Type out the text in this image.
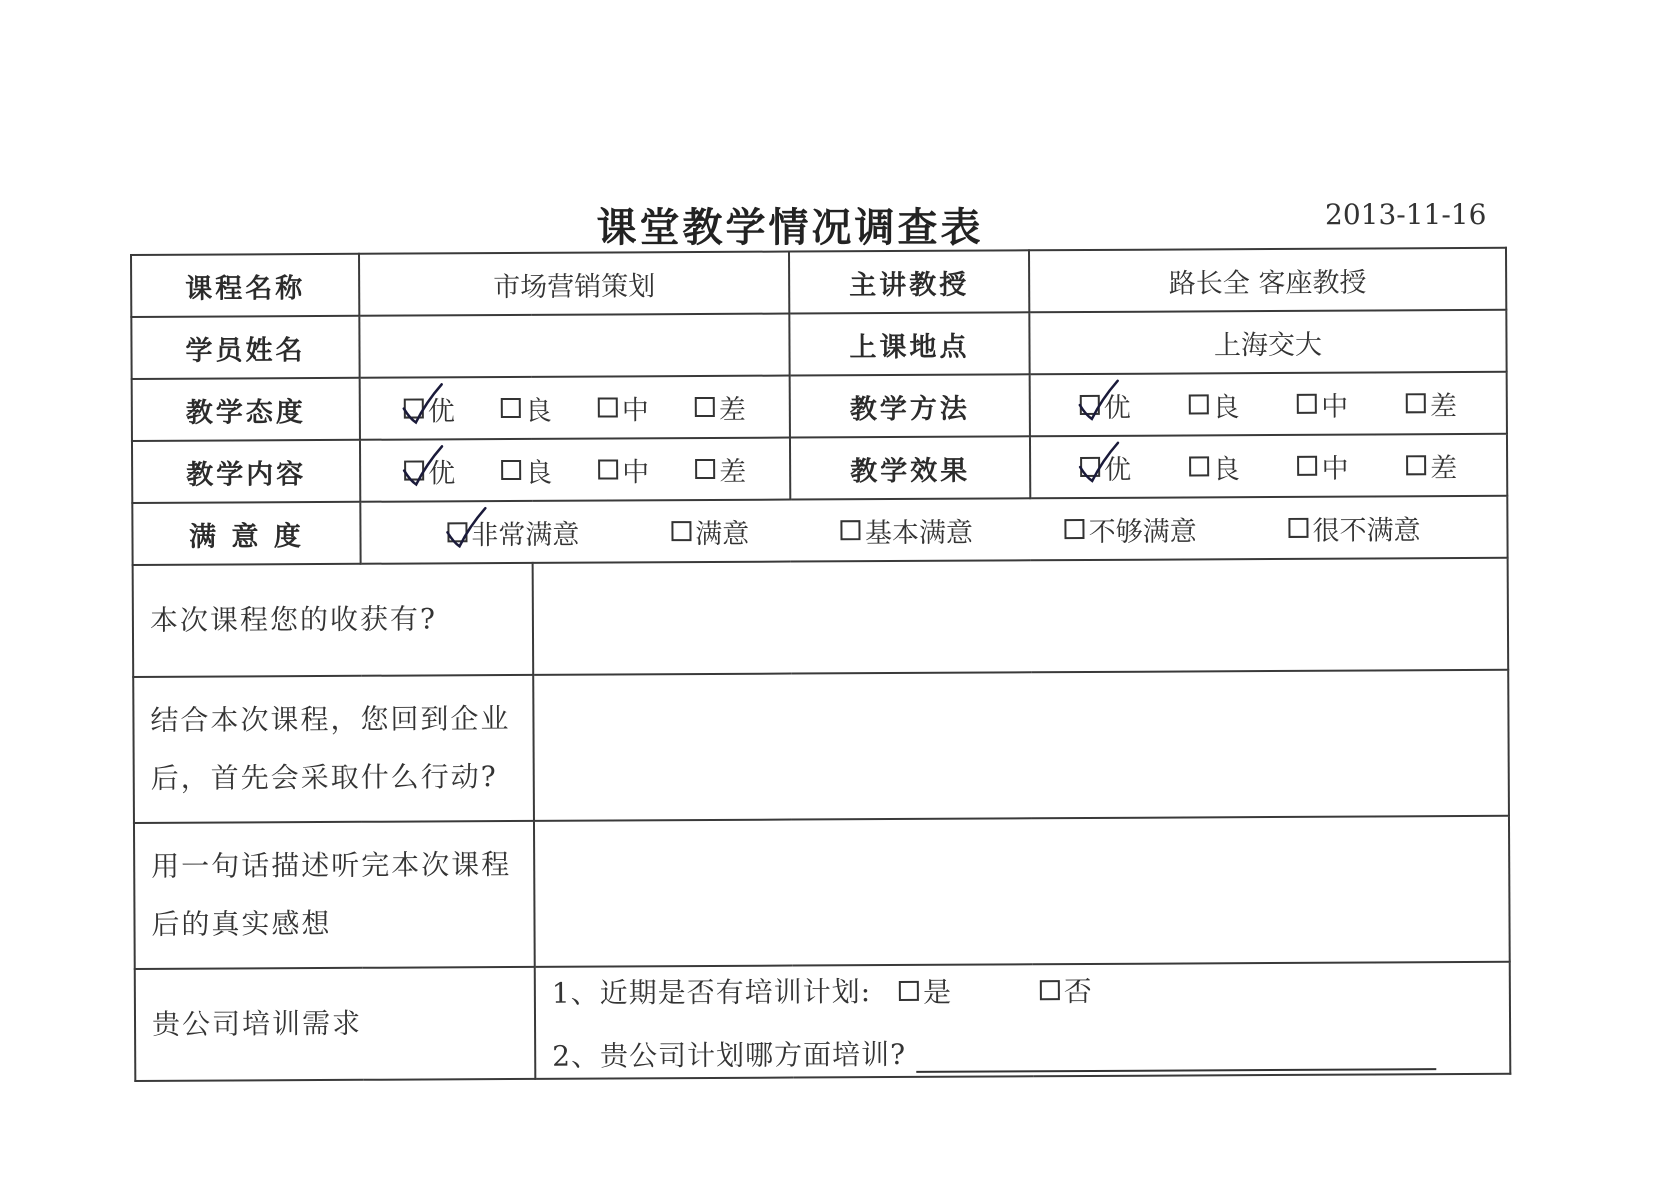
课堂教学情况调查表	2013-11-16
课程名称	市场营销策划		主讲教授	路长全 客座教授
学员姓名			上课地点	上海交大
教学态度	优 良 中 差		教学方法	优 良 中 差

教学内容	优 良 中 差		教学效果	优 良 中 差

满 意 度	非常满意 满意 基本满意 不够满意 很不满意			

本次课程您的收获有?				
结合本次课程，您回到企业后，首先会采取什么行动?				
用一句话描述听完本次课程后的真实感想				
贵公司培训需求		1、近期是否有培训计划: 是
否
2、贵公司计划哪方面培训?		
